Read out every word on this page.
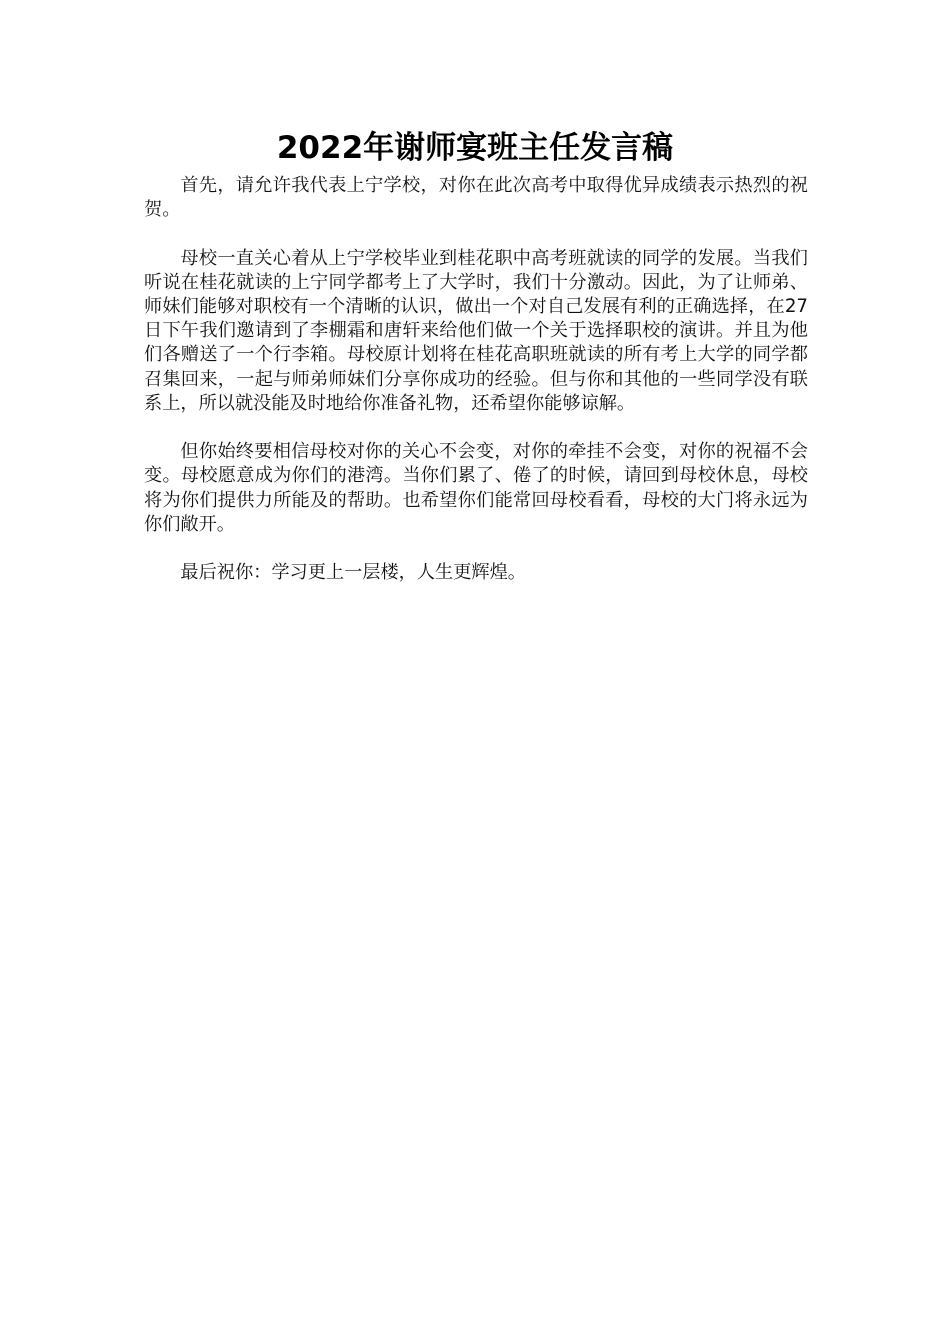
2022年谢师宴班主任发言稿

首先，请允许我代表上宁学校，对你在此次高考中取得优异成绩表示热烈的祝贺。

母校一直关心着从上宁学校毕业到桂花职中高考班就读的同学的发展。当我们听说在桂花就读的上宁同学都考上了大学时，我们十分激动。因此，为了让师弟、师妹们能够对职校有一个清晰的认识，做出一个对自己发展有利的正确选择，在27日下午我们邀请到了李棚霜和唐轩来给他们做一个关于选择职校的演讲。并且为他们各赠送了一个行李箱。母校原计划将在桂花高职班就读的所有考上大学的同学都召集回来，一起与师弟师妹们分享你成功的经验。但与你和其他的一些同学没有联系上，所以就没能及时地给你准备礼物，还希望你能够谅解。

但你始终要相信母校对你的关心不会变，对你的牵挂不会变，对你的祝福不会变。母校愿意成为你们的港湾。当你们累了、倦了的时候，请回到母校休息，母校将为你们提供力所能及的帮助。也希望你们能常回母校看看，母校的大门将永远为你们敞开。

最后祝你：学习更上一层楼，人生更辉煌。
